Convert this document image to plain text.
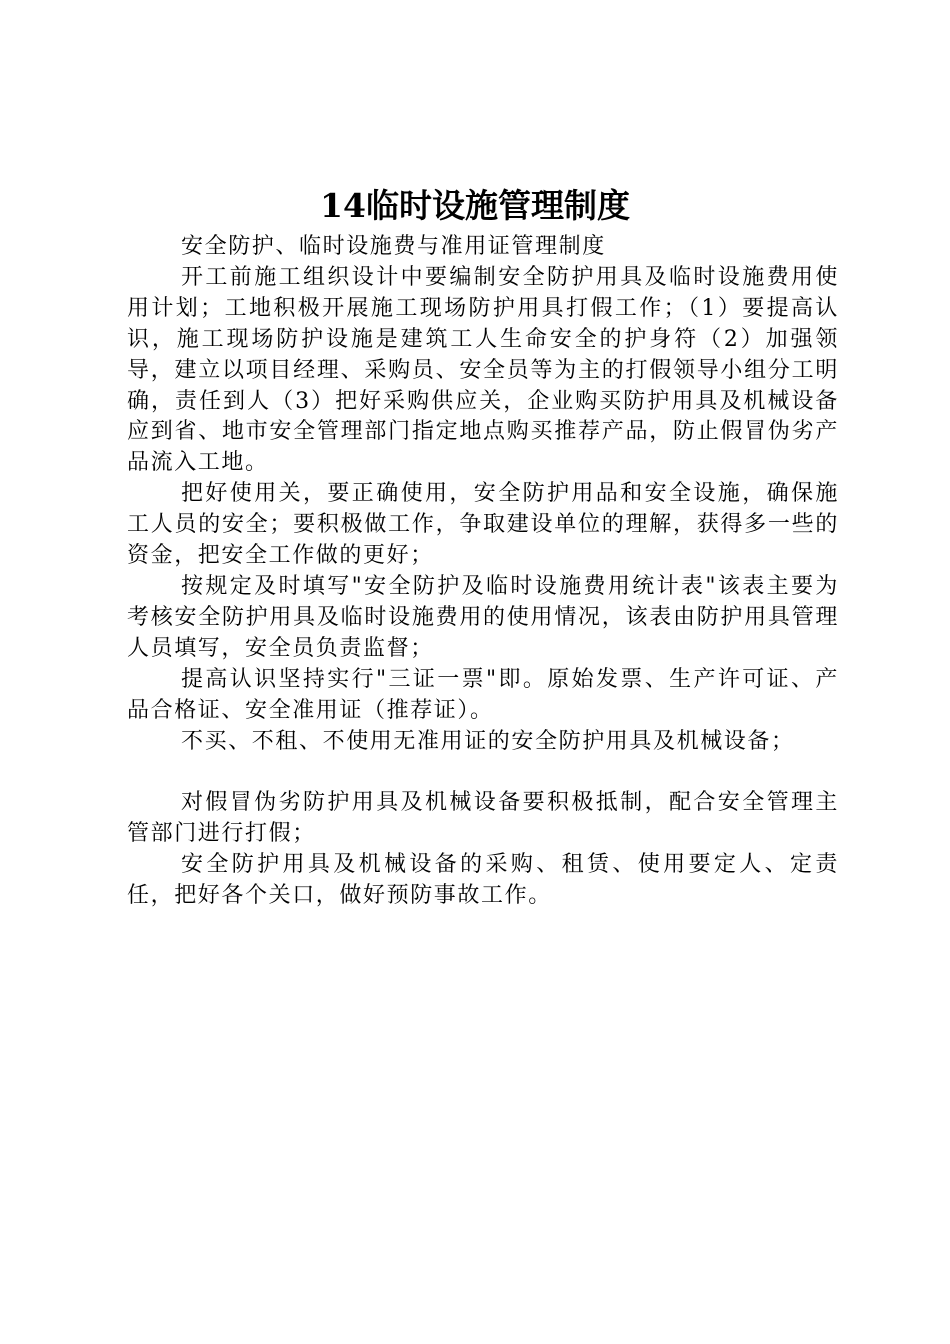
14临时设施管理制度

安全防护、临时设施费与准用证管理制度

开工前施工组织设计中要编制安全防护用具及临时设施费用使用计划；工地积极开展施工现场防护用具打假工作；（1）要提高认识，施工现场防护设施是建筑工人生命安全的护身符（2）加强领导，建立以项目经理、采购员、安全员等为主的打假领导小组分工明确，责任到人（3）把好采购供应关，企业购买防护用具及机械设备应到省、地市安全管理部门指定地点购买推荐产品，防止假冒伪劣产品流入工地。

把好使用关，要正确使用，安全防护用品和安全设施，确保施工人员的安全；要积极做工作，争取建设单位的理解，获得多一些的资金，把安全工作做的更好；

按规定及时填写"安全防护及临时设施费用统计表"该表主要为考核安全防护用具及临时设施费用的使用情况，该表由防护用具管理人员填写，安全员负责监督；

提高认识坚持实行"三证一票"即。原始发票、生产许可证、产品合格证、安全准用证（推荐证）。

不买、不租、不使用无准用证的安全防护用具及机械设备；

对假冒伪劣防护用具及机械设备要积极抵制，配合安全管理主管部门进行打假；

安全防护用具及机械设备的采购、租赁、使用要定人、定责任，把好各个关口，做好预防事故工作。
